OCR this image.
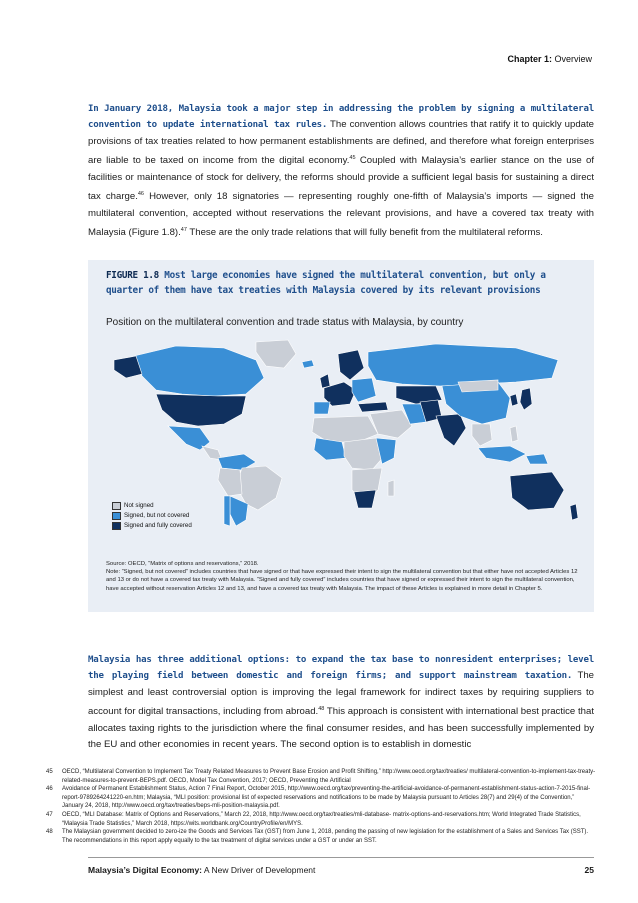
Chapter 1: Overview
In January 2018, Malaysia took a major step in addressing the problem by signing a multilateral convention to update international tax rules. The convention allows countries that ratify it to quickly update provisions of tax treaties related to how permanent establishments are defined, and therefore what foreign enterprises are liable to be taxed on income from the digital economy.$^{45}$ Coupled with Malaysia’s earlier stance on the use of facilities or maintenance of stock for delivery, the reforms should provide a sufficient legal basis for sustaining a direct tax charge.$^{46}$ However, only 18 signatories — representing roughly one-fifth of Malaysia’s imports — signed the multilateral convention, accepted without reservations the relevant provisions, and have a covered tax treaty with Malaysia (Figure 1.8).$^{47}$ These are the only trade relations that will fully benefit from the multilateral reforms.
FIGURE 1.8 Most large economies have signed the multilateral convention, but only a quarter of them have tax treaties with Malaysia covered by its relevant provisions
Position on the multilateral convention and trade status with Malaysia, by country
Not signed
Signed, but not covered
Signed and fully covered
Source: OECD, “Matrix of options and reservations,” 2018.
Note: “Signed, but not covered” includes countries that have signed or that have expressed their intent to sign the multilateral convention but that either have not accepted Articles 12 and 13 or do not have a covered tax treaty with Malaysia. “Signed and fully covered” includes countries that have signed or expressed their intent to sign the multilateral convention, have accepted without reservation Articles 12 and 13, and have a covered tax treaty with Malaysia. The impact of these Articles is explained in more detail in Chapter 5.
Malaysia has three additional options: to expand the tax base to nonresident enterprises; level the playing field between domestic and foreign firms; and support mainstream taxation. The simplest and least controversial option is improving the legal framework for indirect taxes by requiring suppliers to account for digital transactions, including from abroad.$^{48}$ This approach is consistent with international best practice that allocates taxing rights to the jurisdiction where the final consumer resides, and has been successfully implemented by the EU and other economies in recent years. The second option is to establish in domestic
45	OECD, “Multilateral Convention to Implement Tax Treaty Related Measures to Prevent Base Erosion and Profit Shifting,” http://www.oecd.org/tax/treaties/ multilateral-convention-to-implement-tax-treaty-related-measures-to-prevent-BEPS.pdf. OECD, Model Tax Convention, 2017; OECD, Preventing the Artificial
46	Avoidance of Permanent Establishment Status, Action 7 Final Report, October 2015, http://www.oecd.org/tax/preventing-the-artificial-avoidance-of-permanent-establishment-status-action-7-2015-final-report-9789264241220-en.htm; Malaysia, “MLI position: provisional list of expected reservations and notifications to be made by Malaysia pursuant to Articles 28(7) and 29(4) of the Convention,” January 24, 2018, http://www.oecd.org/tax/treaties/beps-mli-position-malaysia.pdf.
47	OECD, “MLI Database: Matrix of Options and Reservations,” March 22, 2018, http://www.oecd.org/tax/treaties/mli-database- matrix-options-and-reservations.htm; World Integrated Trade Statistics, “Malaysia Trade Statistics,” March 2018, https://wits.worldbank.org/CountryProfile/en/MYS.
48	The Malaysian government decided to zero-ize the Goods and Services Tax (GST) from June 1, 2018, pending the passing of new legislation for the establishment of a Sales and Services Tax (SST). The recommendations in this report apply equally to the tax treatment of digital services under a GST or under an SST.
Malaysia’s Digital Economy: A New Driver of Development	25
